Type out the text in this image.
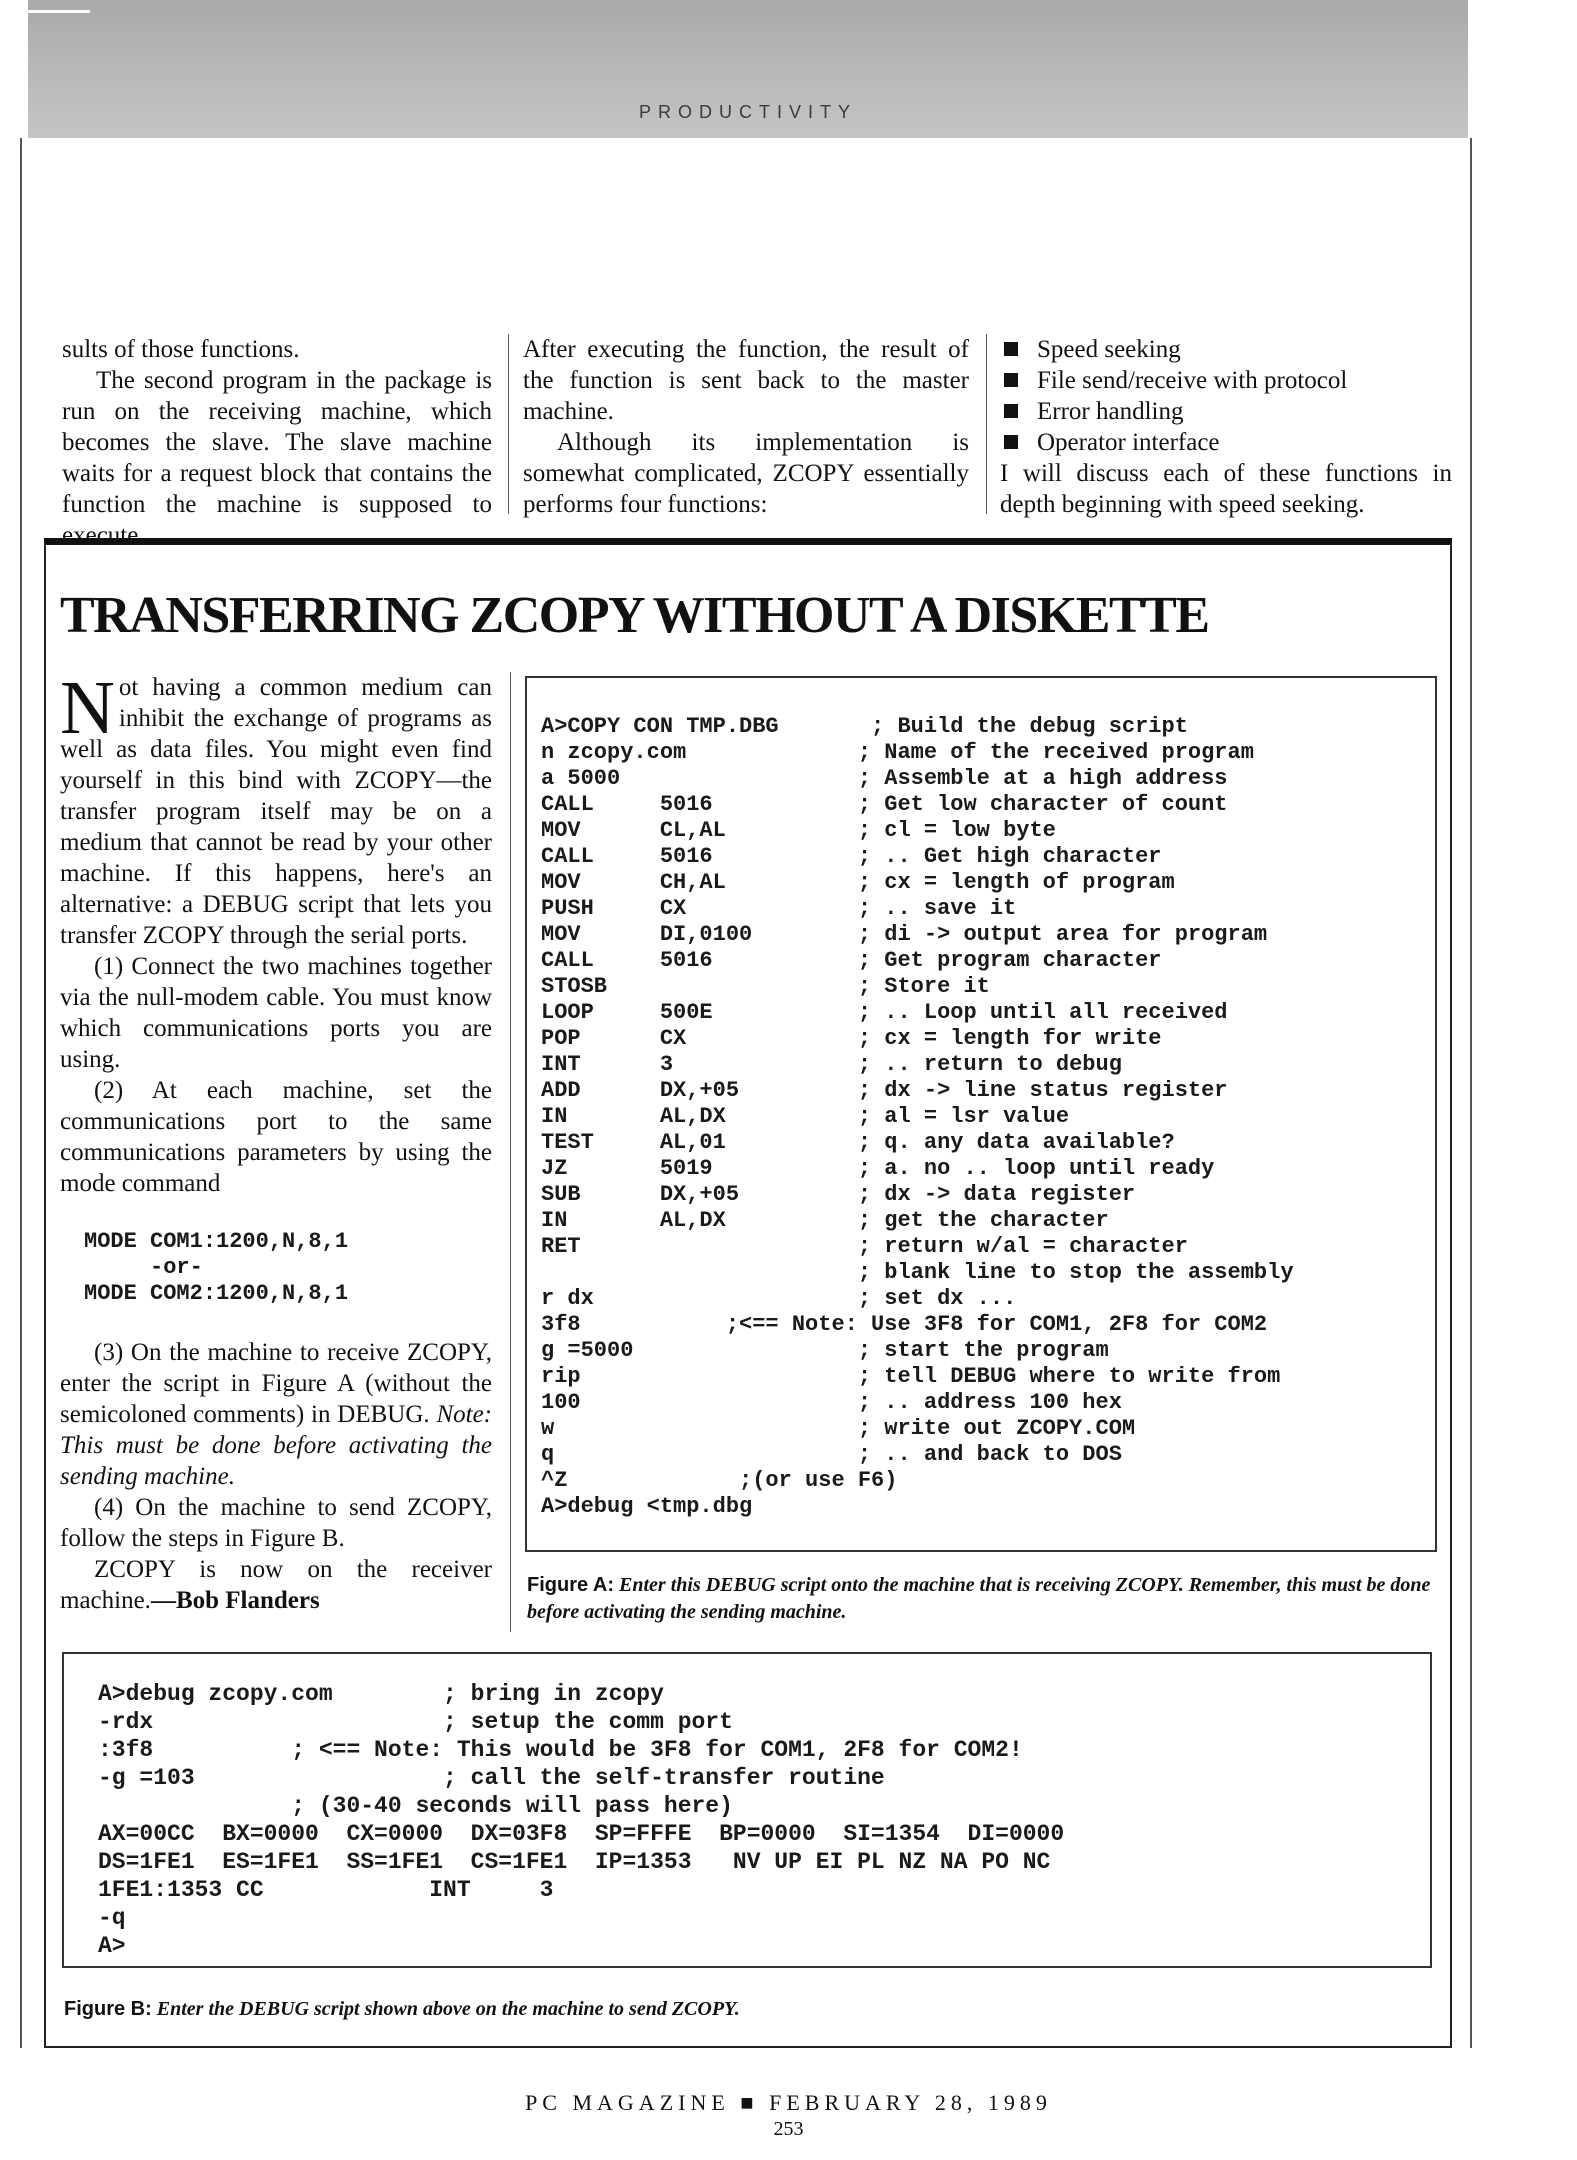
PRODUCTIVITY

sults of those functions.

The second program in the package is run on the receiving machine, which becomes the slave. The slave machine waits for a request block that contains the function the machine is supposed to execute.

After executing the function, the result of the function is sent back to the master machine.

Although its implementation is somewhat complicated, ZCOPY essentially performs four functions:

Speed seeking
File send/receive with protocol
Error handling
Operator interface

I will discuss each of these functions in depth beginning with speed seeking.

TRANSFERRING ZCOPY WITHOUT A DISKETTE

Not having a common medium can inhibit the exchange of programs as well as data files. You might even find yourself in this bind with ZCOPY—the transfer program itself may be on a medium that cannot be read by your other machine. If this happens, here's an alternative: a DEBUG script that lets you transfer ZCOPY through the serial ports.

(1) Connect the two machines together via the null-modem cable. You must know which communications ports you are using.

(2) At each machine, set the communications port to the same communications parameters by using the mode command

MODE COM1:1200,N,8,1
-or-
MODE COM2:1200,N,8,1

(3) On the machine to receive ZCOPY, enter the script in Figure A (without the semicoloned comments) in DEBUG. Note: This must be done before activating the sending machine.

(4) On the machine to send ZCOPY, follow the steps in Figure B.

ZCOPY is now on the receiver machine.—Bob Flanders

A>COPY CON TMP.DBG       ; Build the debug script
n zcopy.com             ; Name of the received program
a 5000                  ; Assemble at a high address
CALL     5016           ; Get low character of count
MOV      CL,AL          ; cl = low byte
CALL     5016           ; .. Get high character
MOV      CH,AL          ; cx = length of program
PUSH     CX             ; .. save it
MOV      DI,0100        ; di -> output area for program
CALL     5016           ; Get program character
STOSB                   ; Store it
LOOP     500E           ; .. Loop until all received
POP      CX             ; cx = length for write
INT      3              ; .. return to debug
ADD      DX,+05         ; dx -> line status register
IN       AL,DX          ; al = lsr value
TEST     AL,01          ; q. any data available?
JZ       5019           ; a. no .. loop until ready
SUB      DX,+05         ; dx -> data register
IN       AL,DX          ; get the character
RET                     ; return w/al = character
; blank line to stop the assembly
r dx                    ; set dx ...
3f8           ;<== Note: Use 3F8 for COM1, 2F8 for COM2
g =5000                 ; start the program
rip                     ; tell DEBUG where to write from
100                     ; .. address 100 hex
w                       ; write out ZCOPY.COM
q                       ; .. and back to DOS
^Z             ;(or use F6)
A>debug <tmp.dbg
Figure A: Enter this DEBUG script onto the machine that is receiving ZCOPY. Remember, this must be done before activating the sending machine.
A>debug zcopy.com        ; bring in zcopy
-rdx                     ; setup the comm port
:3f8          ; <== Note: This would be 3F8 for COM1, 2F8 for COM2!
-g =103                  ; call the self-transfer routine
; (30-40 seconds will pass here)
AX=00CC  BX=0000  CX=0000  DX=03F8  SP=FFFE  BP=0000  SI=1354  DI=0000
DS=1FE1  ES=1FE1  SS=1FE1  CS=1FE1  IP=1353   NV UP EI PL NZ NA PO NC
1FE1:1353 CC            INT     3
-q
A>
Figure B: Enter the DEBUG script shown above on the machine to send ZCOPY.
PC MAGAZINE ■ FEBRUARY 28, 1989
253
